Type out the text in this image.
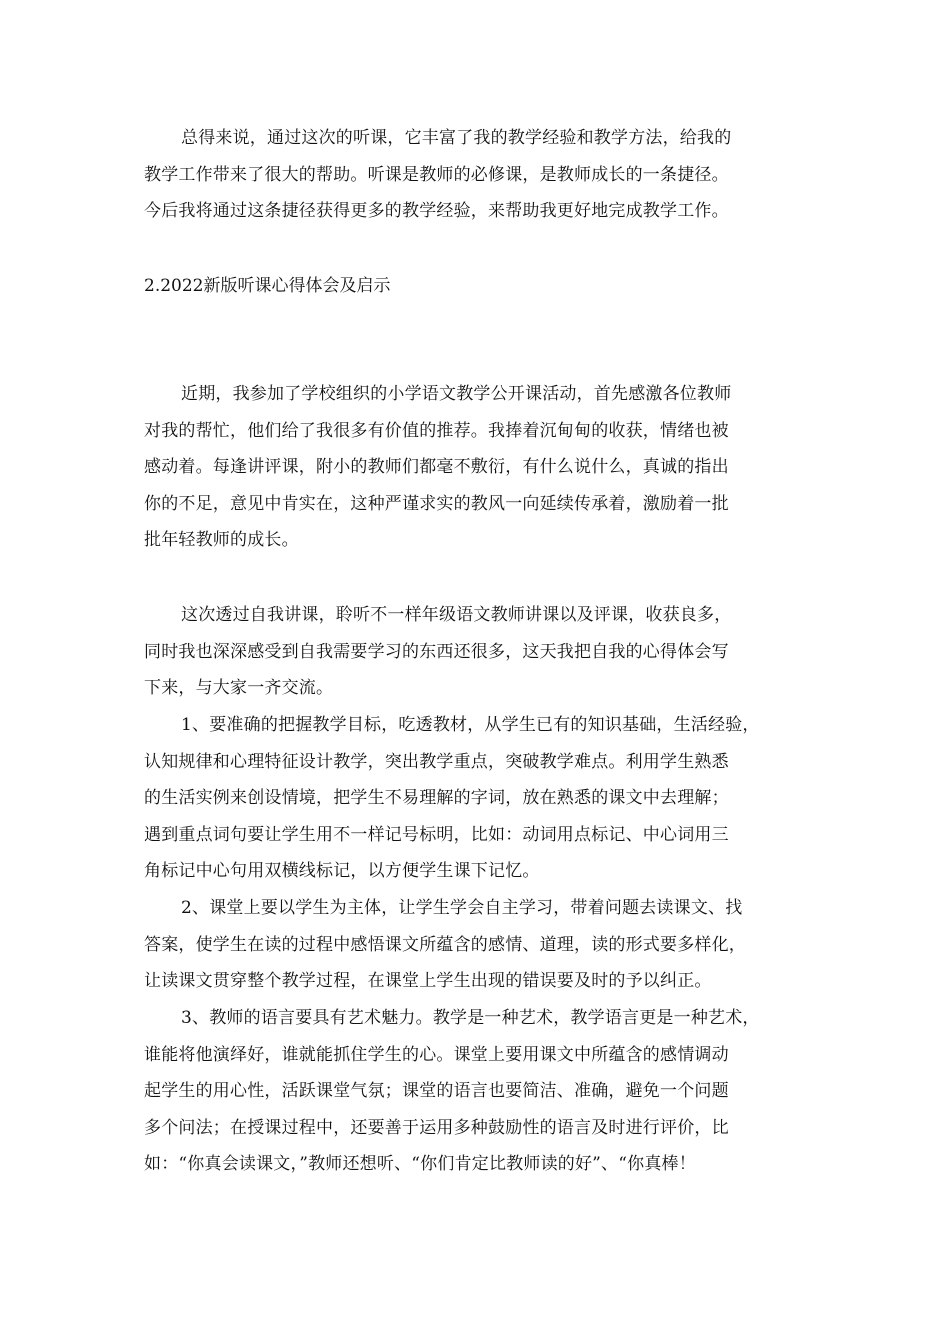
总得来说，通过这次的听课，它丰富了我的教学经验和教学方法，给我的
教学工作带来了很大的帮助。听课是教师的必修课，是教师成长的一条捷径。
今后我将通过这条捷径获得更多的教学经验，来帮助我更好地完成教学工作。
2.2022新版听课心得体会及启示
近期，我参加了学校组织的小学语文教学公开课活动，首先感激各位教师
对我的帮忙，他们给了我很多有价值的推荐。我捧着沉甸甸的收获，情绪也被
感动着。每逢讲评课，附小的教师们都毫不敷衍，有什么说什么，真诚的指出
你的不足，意见中肯实在，这种严谨求实的教风一向延续传承着，激励着一批
批年轻教师的成长。
这次透过自我讲课，聆听不一样年级语文教师讲课以及评课，收获良多，
同时我也深深感受到自我需要学习的东西还很多，这天我把自我的心得体会写
下来，与大家一齐交流。
1、要准确的把握教学目标，吃透教材，从学生已有的知识基础，生活经验，
认知规律和心理特征设计教学，突出教学重点，突破教学难点。利用学生熟悉
的生活实例来创设情境，把学生不易理解的字词，放在熟悉的课文中去理解；
遇到重点词句要让学生用不一样记号标明，比如：动词用点标记、中心词用三
角标记中心句用双横线标记，以方便学生课下记忆。
2、课堂上要以学生为主体，让学生学会自主学习，带着问题去读课文、找
答案，使学生在读的过程中感悟课文所蕴含的感情、道理，读的形式要多样化，
让读课文贯穿整个教学过程，在课堂上学生出现的错误要及时的予以纠正。
3、教师的语言要具有艺术魅力。教学是一种艺术，教学语言更是一种艺术，
谁能将他演绎好，谁就能抓住学生的心。课堂上要用课文中所蕴含的感情调动
起学生的用心性，活跃课堂气氛；课堂的语言也要简洁、准确，避免一个问题
多个问法；在授课过程中，还要善于运用多种鼓励性的语言及时进行评价，比
如：“你真会读课文，”教师还想听、“你们肯定比教师读的好”、“你真棒！
